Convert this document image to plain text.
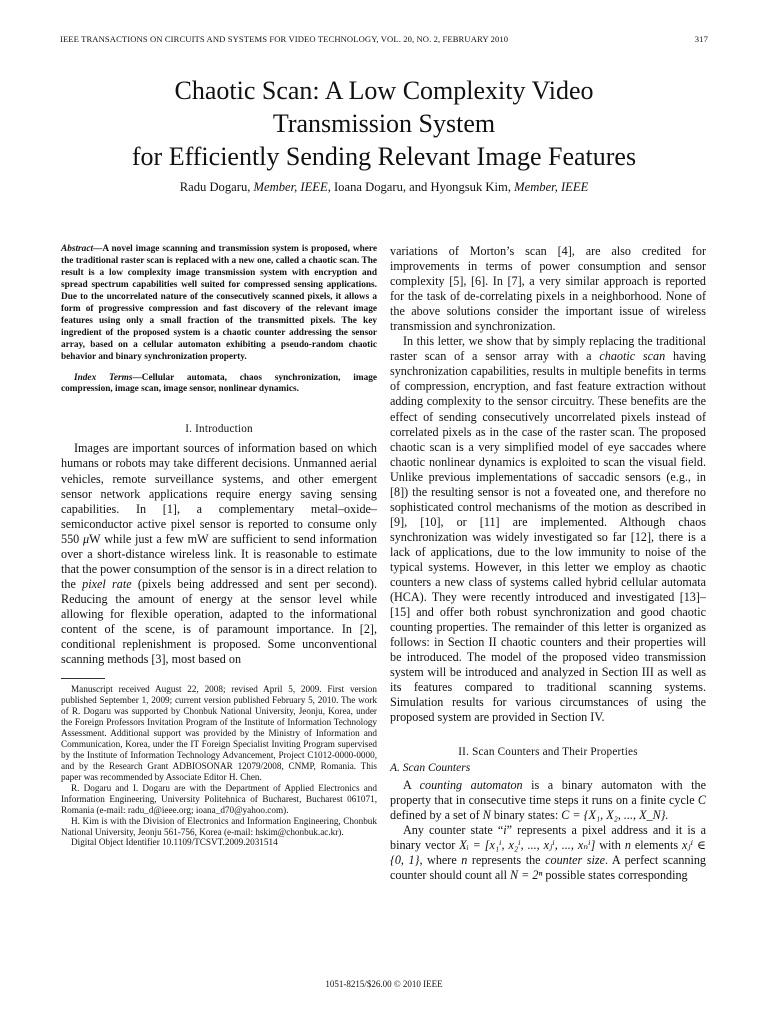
IEEE TRANSACTIONS ON CIRCUITS AND SYSTEMS FOR VIDEO TECHNOLOGY, VOL. 20, NO. 2, FEBRUARY 2010	317
Chaotic Scan: A Low Complexity Video
Transmission System
for Efficiently Sending Relevant Image Features
Radu Dogaru, Member, IEEE, Ioana Dogaru, and Hyongsuk Kim, Member, IEEE

Abstract—A novel image scanning and transmission system is proposed, where the traditional raster scan is replaced with a new one, called a chaotic scan. The result is a low complexity image transmission system with encryption and spread spectrum capabilities well suited for compressed sensing applications. Due to the uncorrelated nature of the consecutively scanned pixels, it allows a form of progressive compression and fast discovery of the relevant image features using only a small fraction of the transmitted pixels. The key ingredient of the proposed system is a chaotic counter addressing the sensor array, based on a cellular automaton exhibiting a pseudo-random chaotic behavior and binary synchronization property.

Index Terms—Cellular automata, chaos synchronization, image compression, image scan, image sensor, nonlinear dynamics.

I. Introduction

Images are important sources of information based on which humans or robots may take different decisions. Unmanned aerial vehicles, remote surveillance systems, and other emergent sensor network applications require energy saving sensing capabilities. In [1], a complementary metal–oxide–semiconductor active pixel sensor is reported to consume only 550 μW while just a few mW are sufficient to send information over a short-distance wireless link. It is reasonable to estimate that the power consumption of the sensor is in a direct relation to the pixel rate (pixels being addressed and sent per second). Reducing the amount of energy at the sensor level while allowing for flexible operation, adapted to the informational content of the scene, is of paramount importance. In [2], conditional replenishment is proposed. Some unconventional scanning methods [3], most based on

Manuscript received August 22, 2008; revised April 5, 2009. First version published September 1, 2009; current version published February 5, 2010. The work of R. Dogaru was supported by Chonbuk National University, Jeonju, Korea, under the Foreign Professors Invitation Program of the Institute of Information Technology Assessment. Additional support was provided by the Ministry of Information and Communication, Korea, under the IT Foreign Specialist Inviting Program supervised by the Institute of Information Technology Advancement, Project C1012-0000-0000, and by the Research Grant ADBIOSONAR 12079/2008, CNMP, Romania. This paper was recommended by Associate Editor H. Chen.

R. Dogaru and I. Dogaru are with the Department of Applied Electronics and Information Engineering, University Politehnica of Bucharest, Bucharest 061071, Romania (e-mail: radu_d@ieee.org; ioana_d70@yahoo.com).

H. Kim is with the Division of Electronics and Information Engineering, Chonbuk National University, Jeonju 561-756, Korea (e-mail: hskim@chonbuk.ac.kr).

Digital Object Identifier 10.1109/TCSVT.2009.2031514

variations of Morton’s scan [4], are also credited for improvements in terms of power consumption and sensor complexity [5], [6]. In [7], a very similar approach is reported for the task of de-correlating pixels in a neighborhood. None of the above solutions consider the important issue of wireless transmission and synchronization.

In this letter, we show that by simply replacing the traditional raster scan of a sensor array with a chaotic scan having synchronization capabilities, results in multiple benefits in terms of compression, encryption, and fast feature extraction without adding complexity to the sensor circuitry. These benefits are the effect of sending consecutively uncorrelated pixels instead of correlated pixels as in the case of the raster scan. The proposed chaotic scan is a very simplified model of eye saccades where chaotic nonlinear dynamics is exploited to scan the visual field. Unlike previous implementations of saccadic sensors (e.g., in [8]) the resulting sensor is not a foveated one, and therefore no sophisticated control mechanisms of the motion as described in [9], [10], or [11] are implemented. Although chaos synchronization was widely investigated so far [12], there is a lack of applications, due to the low immunity to noise of the typical systems. However, in this letter we employ as chaotic counters a new class of systems called hybrid cellular automata (HCA). They were recently introduced and investigated [13]–[15] and offer both robust synchronization and good chaotic counting properties. The remainder of this letter is organized as follows: in Section II chaotic counters and their properties will be introduced. The model of the proposed video transmission system will be introduced and analyzed in Section III as well as its features compared to traditional scanning systems. Simulation results for various circumstances of using the proposed system are provided in Section IV.

II. Scan Counters and Their Properties

A. Scan Counters

A counting automaton is a binary automaton with the property that in consecutive time steps it runs on a finite cycle C defined by a set of N binary states: C = {X₁, X₂, ..., X_N}.

Any counter state “i” represents a pixel address and it is a binary vector Xᵢ = [x₁ⁱ, x₂ⁱ, ..., xⱼⁱ, ..., xₙⁱ] with n elements xⱼⁱ ∈ {0, 1}, where n represents the counter size. A perfect scanning counter should count all N = 2ⁿ possible states corresponding

1051-8215/$26.00 © 2010 IEEE
